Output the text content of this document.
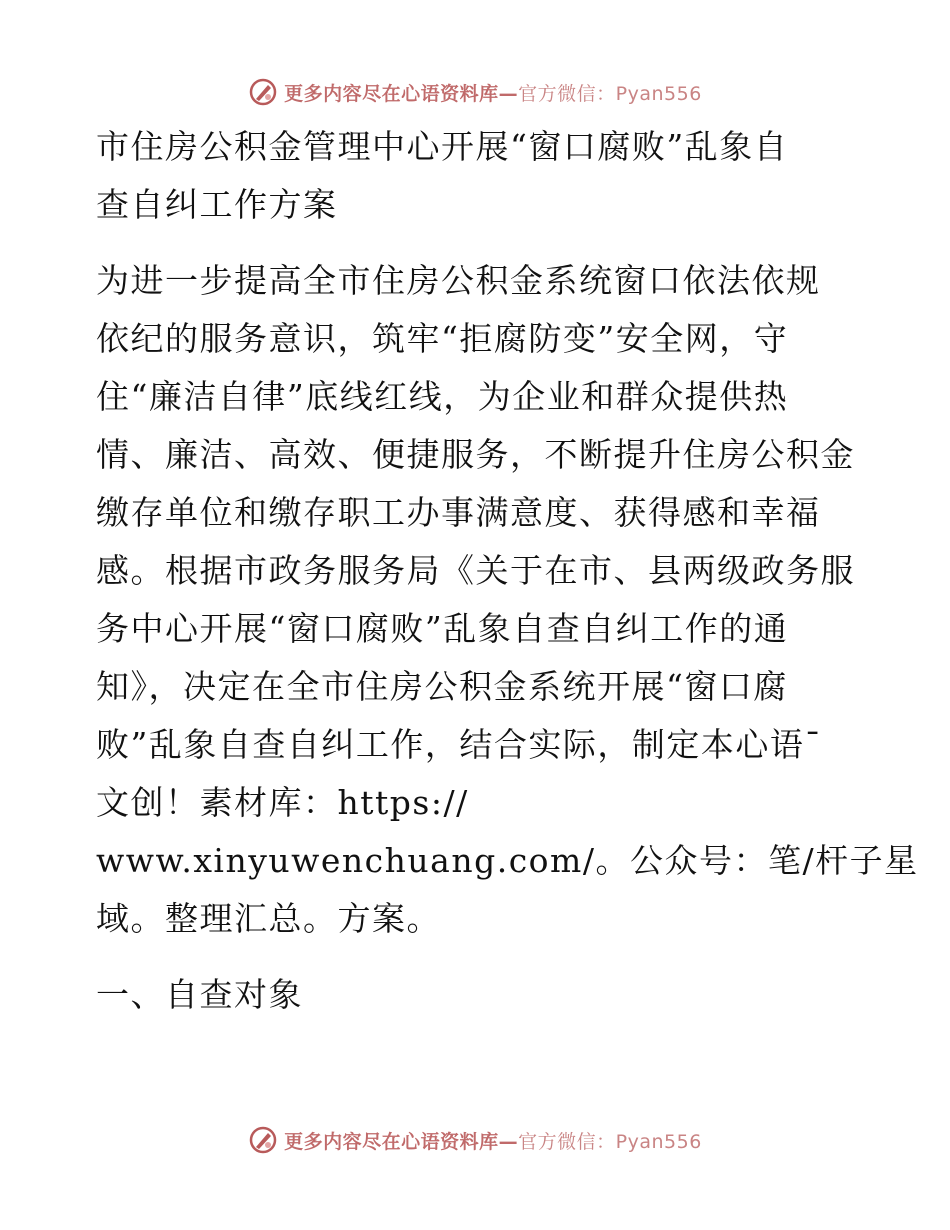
更多内容尽在心语资料库—官方微信：Pyan556
市住房公积金管理中心开展“窗口腐败”乱象自
查自纠工作方案
为进一步提高全市住房公积金系统窗口依法依规
依纪的服务意识，筑牢“拒腐防变”安全网，守
住“廉洁自律”底线红线，为企业和群众提供热
情、廉洁、高效、便捷服务，不断提升住房公积金
缴存单位和缴存职工办事满意度、获得感和幸福
感。根据市政务服务局《关于在市、县两级政务服
务中心开展“窗口腐败”乱象自查自纠工作的通
知》，决定在全市住房公积金系统开展“窗口腐
败”乱象自查自纠工作，结合实际，制定本心语¯
文创！素材库：https://
www.xinyuwenchuang.com/。公众号：笔/杆子星
域。整理汇总。方案。
一、自查对象
更多内容尽在心语资料库—官方微信：Pyan556
